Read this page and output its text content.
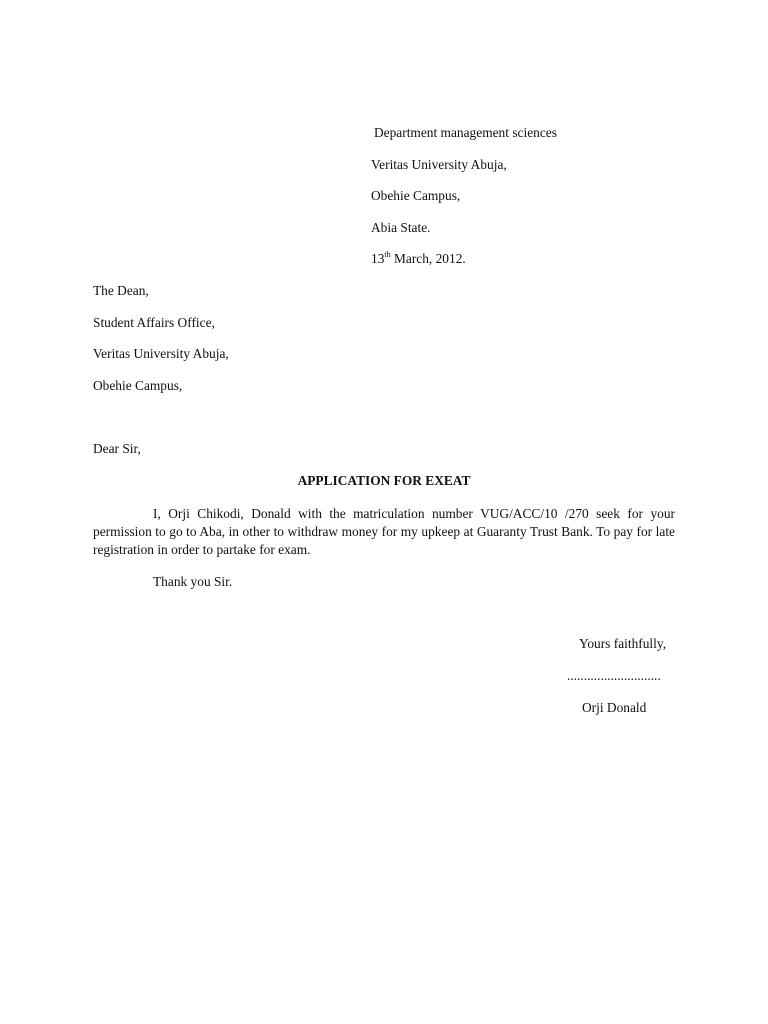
Department management sciences
Veritas University Abuja,
Obehie Campus,
Abia State.
13th March, 2012.
The Dean,
Student Affairs Office,
Veritas University Abuja,
Obehie Campus,
Dear Sir,
APPLICATION FOR EXEAT
I, Orji Chikodi, Donald with the matriculation number VUG/ACC/10 /270 seek for your permission to go to Aba, in other to withdraw money for my upkeep at Guaranty Trust Bank. To pay for late registration in order to partake for exam.
Thank you Sir.
Yours faithfully,
............................
Orji Donald
